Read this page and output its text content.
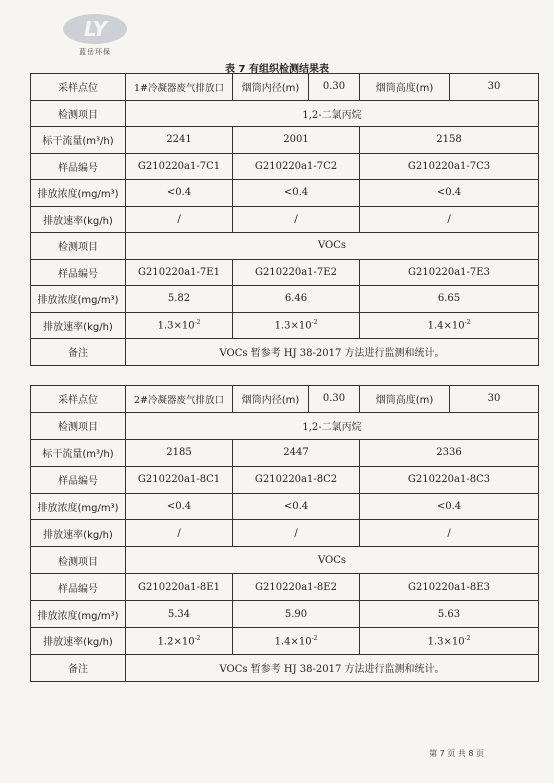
LY
蓝岳环保
表 7 有组织检测结果表
采样点位	1#冷凝器废气排放口	烟筒内径(m)	0.30	烟筒高度(m)	30
检测项目	1,2-二氯丙烷				
标干流量(m³/h)	2241	2001		2158	
样品编号	G210220a1-7C1	G210220a1-7C2		G210220a1-7C3	
排放浓度(mg/m³)	<0.4	<0.4		<0.4	
排放速率(kg/h)	/	/		/	
检测项目	VOCs				
样品编号	G210220a1-7E1	G210220a1-7E2		G210220a1-7E3	
排放浓度(mg/m³)	5.82	6.46		6.65	
排放速率(kg/h)	$1.3\times 10^{-2}$	$1.3\times 10^{-2}$		$1.4\times 10^{-2}$
备注	VOCs 暂参考 HJ 38-2017 方法进行监测和统计。				
采样点位	2#冷凝器废气排放口	烟筒内径(m)	0.30	烟筒高度(m)	30
检测项目	1,2-二氯丙烷				
标干流量(m³/h)	2185	2447		2336	
样品编号	G210220a1-8C1	G210220a1-8C2		G210220a1-8C3	
排放浓度(mg/m³)	<0.4	<0.4		<0.4	
排放速率(kg/h)	/	/		/	
检测项目	VOCs				
样品编号	G210220a1-8E1	G210220a1-8E2		G210220a1-8E3	
排放浓度(mg/m³)	5.34	5.90		5.63	
排放速率(kg/h)	$1.2\times 10^{-2}$	$1.4\times 10^{-2}$		$1.3\times 10^{-2}$
备注	VOCs 暂参考 HJ 38-2017 方法进行监测和统计。				
第 7 页 共 8 页
